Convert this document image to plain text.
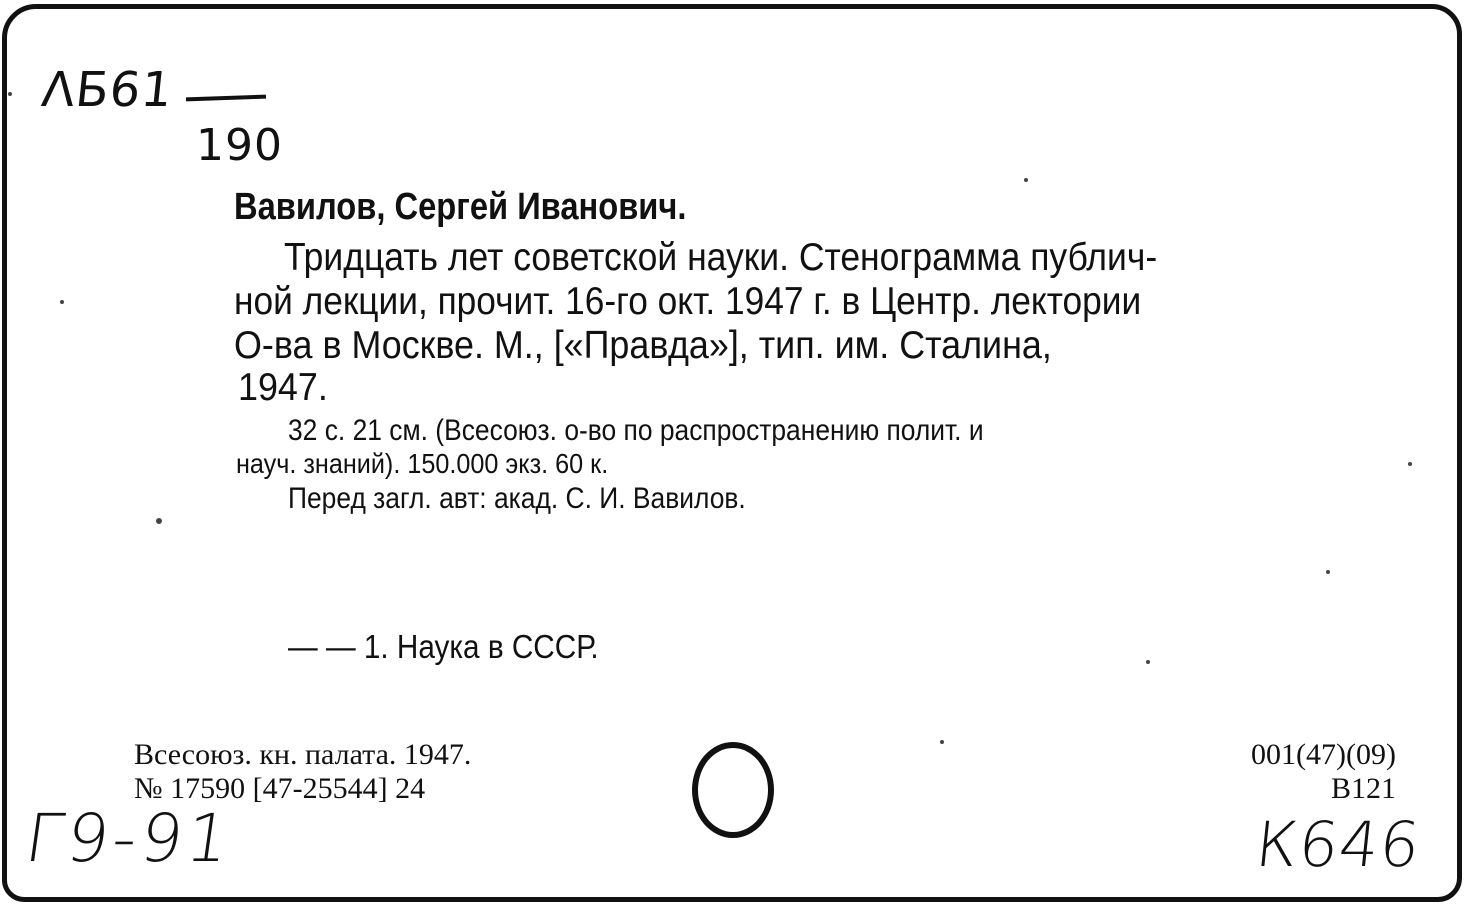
ΛБ61
190
Вавилов, Сергей Иванович.
Тридцать лет советской науки. Стенограмма публич-
ной лекции, прочит. 16-го окт. 1947 г. в Центр. лектории
О-ва в Москве. М., [«Правда»], тип. им. Сталина,
1947.
32 с. 21 см. (Всесоюз. о-во по распространению полит. и
науч. знаний). 150.000 экз. 60 к.
Перед загл. авт: акад. С. И. Вавилов.
— — 1. Наука в СССР.
Всесоюз. кн. палата. 1947.
№ 17590 [47-25544] 24
001(47)(09)
В121
Г9-91	К646
